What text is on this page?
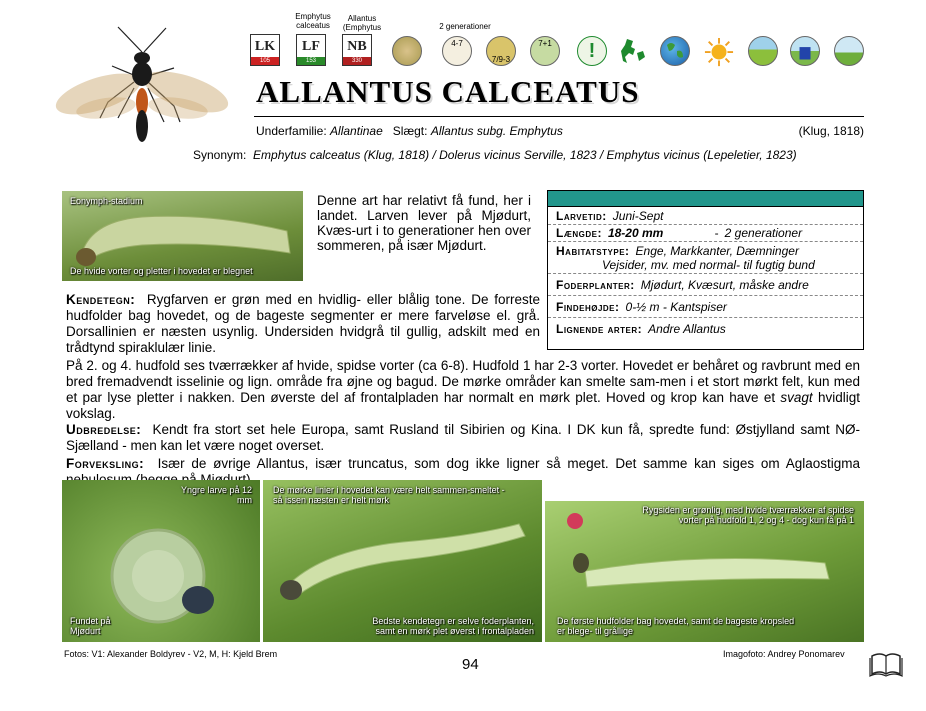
Emphytus calceatus
Allantus (Emphytus	2 generationer
LK
105
LF
153
NB
330
4-7
7/9-3
7+1 !	▆
ALLANTUS CALCEATUS
Underfamilie: Allantinae Slægt: Allantus subg. Emphytus	(Klug, 1818)
Synonym: Emphytus calceatus (Klug, 1818) / Dolerus vicinus Serville, 1823 / Emphytus vicinus (Lepeletier, 1823)
Eonymph-stadium
De hvide vorter og pletter i hovedet er blegnet
Denne art har relativt få fund, her i landet. Larven lever på Mjødurt, Kvæs-urt i to generationer hen over sommeren, på især Mjødurt.
Larvetid: Juni-Sept
Længde: 18-20 mm	- 2 generationer
Habitatstype: Enge, Markkanter, Dæmninger
Vejsider, mv. med normal- til fugtig bund
Foderplanter: Mjødurt, Kvæsurt, måske andre
Findehøjde: 0-½ m - Kantspiser
Lignende arter: Andre Allantus
Kendetegn: Rygfarven er grøn med en hvidlig- eller blålig tone. De forreste hudfolder bag hovedet, og de bageste segmenter er mere farveløse el. grå. Dorsallinien er næsten usynlig. Undersiden hvidgrå til gullig, adskilt med en trådtynd spiraklulær linie.
På 2. og 4. hudfold ses tværrækker af hvide, spidse vorter (ca 6-8). Hudfold 1 har 2-3 vorter. Hovedet er behåret og ravbrunt med en bred fremadvendt isselinie og lign. område fra øjne og bagud. De mørke områder kan smelte sam-men i et stort mørkt felt, kun med et par lyse pletter i nakken. Den øverste del af frontalpladen har normalt en mørk plet. Hoved og krop kan have et svagt hvidligt vokslag.
Udbredelse: Kendt fra stort set hele Europa, samt Rusland til Sibirien og Kina. I DK kun få, spredte fund: Østjylland samt NØ-Sjælland - men kan let være noget overset.
Forveksling: Især de øvrige Allantus, især truncatus, som dog ikke ligner så meget. Det samme kan siges om Aglaostigma
Yngre larve på 12 mm
Fundet på Mjødurt
De mørke linier i hovedet kan være helt sammen-smeltet - så issen næsten er helt mørk
Bedste kendetegn er selve foderplanten, samt en mørk plet øverst i frontalpladen
Rygsiden er grønlig, med hvide tværrækker af spidse vorter på hudfold 1, 2 og 4 - dog kun få på 1
De første hudfolder bag hovedet, samt de bageste kropsled er blege- til grållige
Fotos: V1: Alexander Boldyrev - V2, M, H: Kjeld Brem	Imagofoto: Andrey Ponomarev
94
